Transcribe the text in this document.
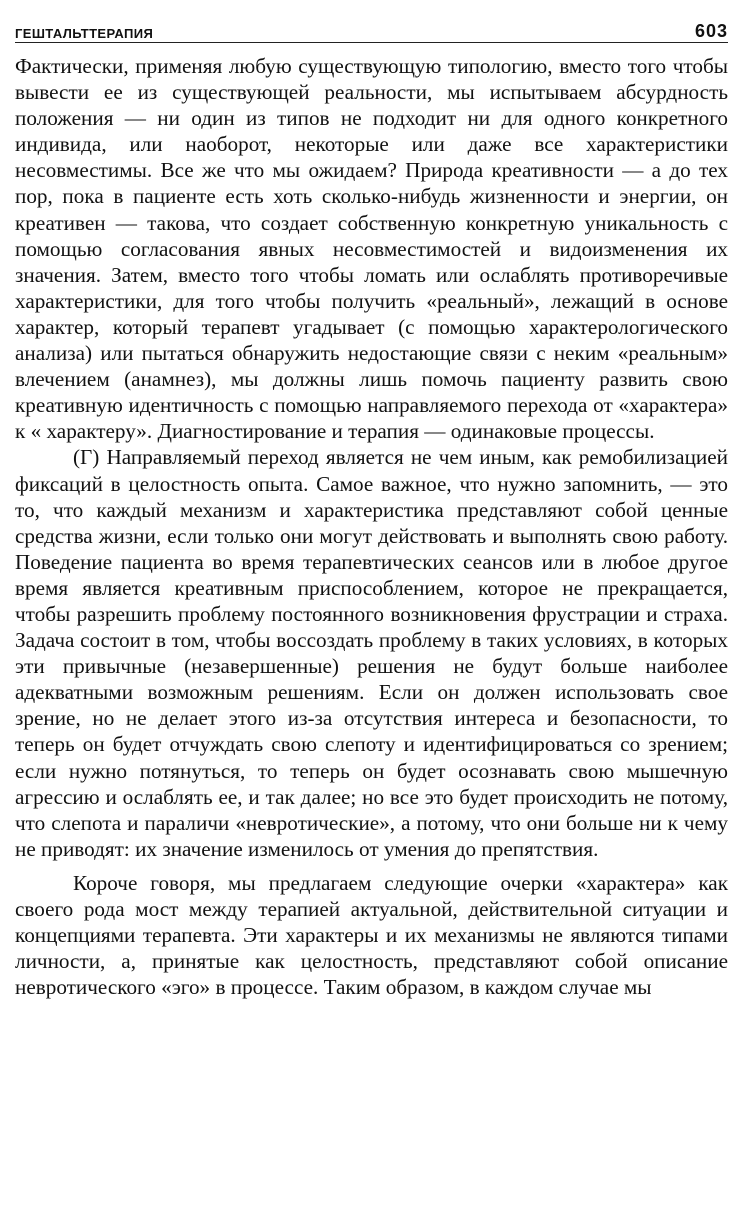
ГЕШТАЛЬТТЕРАПИЯ	603

Фактически, применяя любую существующую типологию, вместо того чтобы вывести ее из существующей реальности, мы испытываем абсурдность положения — ни один из типов не подходит ни для одного конкретного индивида, или наоборот, некоторые или даже все характеристики несовместимы. Все же что мы ожидаем? Природа креативности — а до тех пор, пока в пациенте есть хоть сколько-нибудь жизненности и энергии, он креативен — такова, что создает собственную конкретную уникальность с помощью согласования явных несовместимостей и видоизменения их значения. Затем, вместо того чтобы ломать или ослаблять противоречивые характеристики, для того чтобы получить «реальный», лежащий в основе характер, который терапевт угадывает (с помощью характерологического анализа) или пытаться обнаружить недостающие связи с неким «реальным» влечением (анамнез), мы должны лишь помочь пациенту развить свою креативную идентичность с помощью направляемого перехода от «характера» к « характеру». Диагностирование и терапия — одинаковые процессы.

(Г) Направляемый переход является не чем иным, как ремобилизацией фиксаций в целостность опыта. Самое важное, что нужно запомнить, — это то, что каждый механизм и характеристика представляют собой ценные средства жизни, если только они могут действовать и выполнять свою работу. Поведение пациента во время терапевтических сеансов или в любое другое время является креативным приспособлением, которое не прекращается, чтобы разрешить проблему постоянного возникновения фрустрации и страха. Задача состоит в том, чтобы воссоздать проблему в таких условиях, в которых эти привычные (незавершенные) решения не будут больше наиболее адекватными возможным решениям. Если он должен использовать свое зрение, но не делает этого из-за отсутствия интереса и безопасности, то теперь он будет отчуждать свою слепоту и идентифицироваться со зрением; если нужно потянуться, то теперь он будет осознавать свою мышечную агрессию и ослаблять ее, и так далее; но все это будет происходить не потому, что слепота и параличи «невротические», а потому, что они больше ни к чему не приводят: их значение изменилось от умения до препятствия.

Короче говоря, мы предлагаем следующие очерки «характера» как своего рода мост между терапией актуальной, действительной ситуации и концепциями терапевта. Эти характеры и их механизмы не являются типами личности, а, принятые как целостность, представляют собой описание невротического «эго» в процессе. Таким образом, в каждом случае мы
